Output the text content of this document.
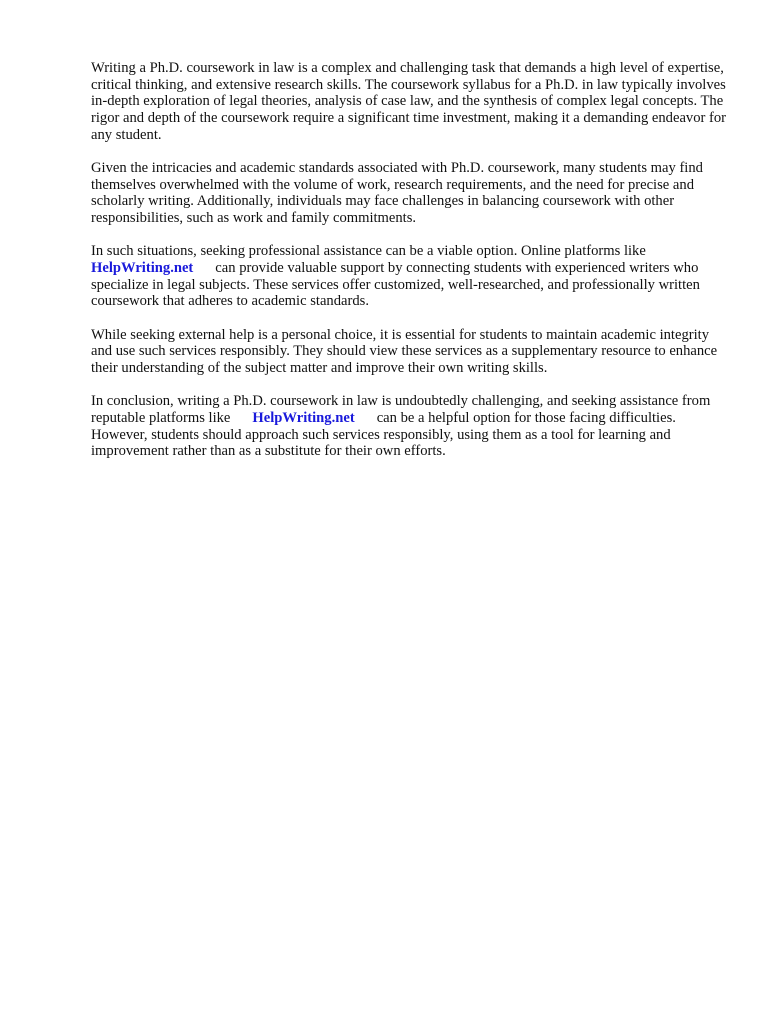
Writing a Ph.D. coursework in law is a complex and challenging task that demands a high level of expertise, critical thinking, and extensive research skills. The coursework syllabus for a Ph.D. in law typically involves in-depth exploration of legal theories, analysis of case law, and the synthesis of complex legal concepts. The rigor and depth of the coursework require a significant time investment, making it a demanding endeavor for any student.

Given the intricacies and academic standards associated with Ph.D. coursework, many students may find themselves overwhelmed with the volume of work, research requirements, and the need for precise and scholarly writing. Additionally, individuals may face challenges in balancing coursework with other responsibilities, such as work and family commitments.

In such situations, seeking professional assistance can be a viable option. Online platforms like
HelpWriting.net can provide valuable support by connecting students with experienced writers who specialize in legal subjects. These services offer customized, well-researched, and professionally written coursework that adheres to academic standards.

While seeking external help is a personal choice, it is essential for students to maintain academic integrity and use such services responsibly. They should view these services as a supplementary resource to enhance their understanding of the subject matter and improve their own writing skills.

In conclusion, writing a Ph.D. coursework in law is undoubtedly challenging, and seeking assistance from reputable platforms like HelpWriting.net can be a helpful option for those facing difficulties. However, students should approach such services responsibly, using them as a tool for learning and improvement rather than as a substitute for their own efforts.
